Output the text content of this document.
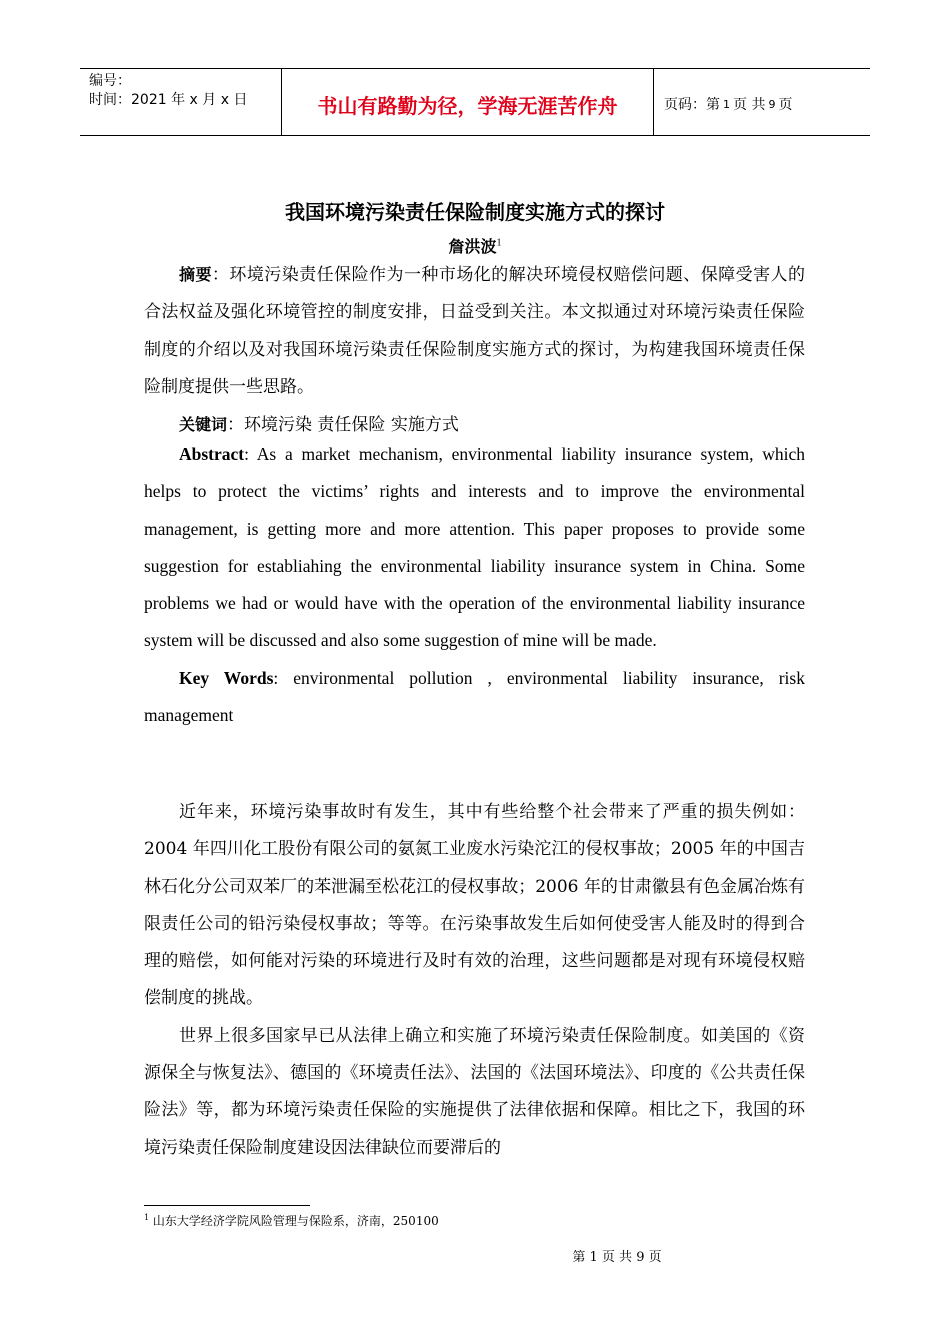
编号：
时间：2021 年 x 月 x 日	书山有路勤为径，学海无涯苦作舟	页码：第 1 页 共 9 页
我国环境污染责任保险制度实施方式的探讨
詹洪波$^1$

摘要：环境污染责任保险作为一种市场化的解决环境侵权赔偿问题、保障受害人的合法权益及强化环境管控的制度安排，日益受到关注。本文拟通过对环境污染责任保险制度的介绍以及对我国环境污染责任保险制度实施方式的探讨，为构建我国环境责任保险制度提供一些思路。

关键词：环境污染 责任保险 实施方式

Abstract: As a market mechanism, environmental liability insurance system, which helps to protect the victims’ rights and interests and to improve the environmental management, is getting more and more attention. This paper proposes to provide some suggestion for establiahing the environmental liability insurance system in China. Some problems we had or would have with the operation of the environmental liability insurance system will be discussed and also some suggestion of mine will be made.

Key Words: environmental pollution , environmental liability insurance, risk management

近年来，环境污染事故时有发生，其中有些给整个社会带来了严重的损失例如：2004 年四川化工股份有限公司的氨氮工业废水污染沱江的侵权事故；2005 年的中国吉林石化分公司双苯厂的苯泄漏至松花江的侵权事故；2006 年的甘肃徽县有色金属冶炼有限责任公司的铅污染侵权事故；等等。在污染事故发生后如何使受害人能及时的得到合理的赔偿，如何能对污染的环境进行及时有效的治理，这些问题都是对现有环境侵权赔偿制度的挑战。

世界上很多国家早已从法律上确立和实施了环境污染责任保险制度。如美国的《资源保全与恢复法》、德国的《环境责任法》、法国的《法国环境法》、印度的《公共责任保险法》等，都为环境污染责任保险的实施提供了法律依据和保障。相比之下，我国的环境污染责任保险制度建设因法律缺位而要滞后的

$^1$ 山东大学经济学院风险管理与保险系，济南，250100
第 1 页 共 9 页
